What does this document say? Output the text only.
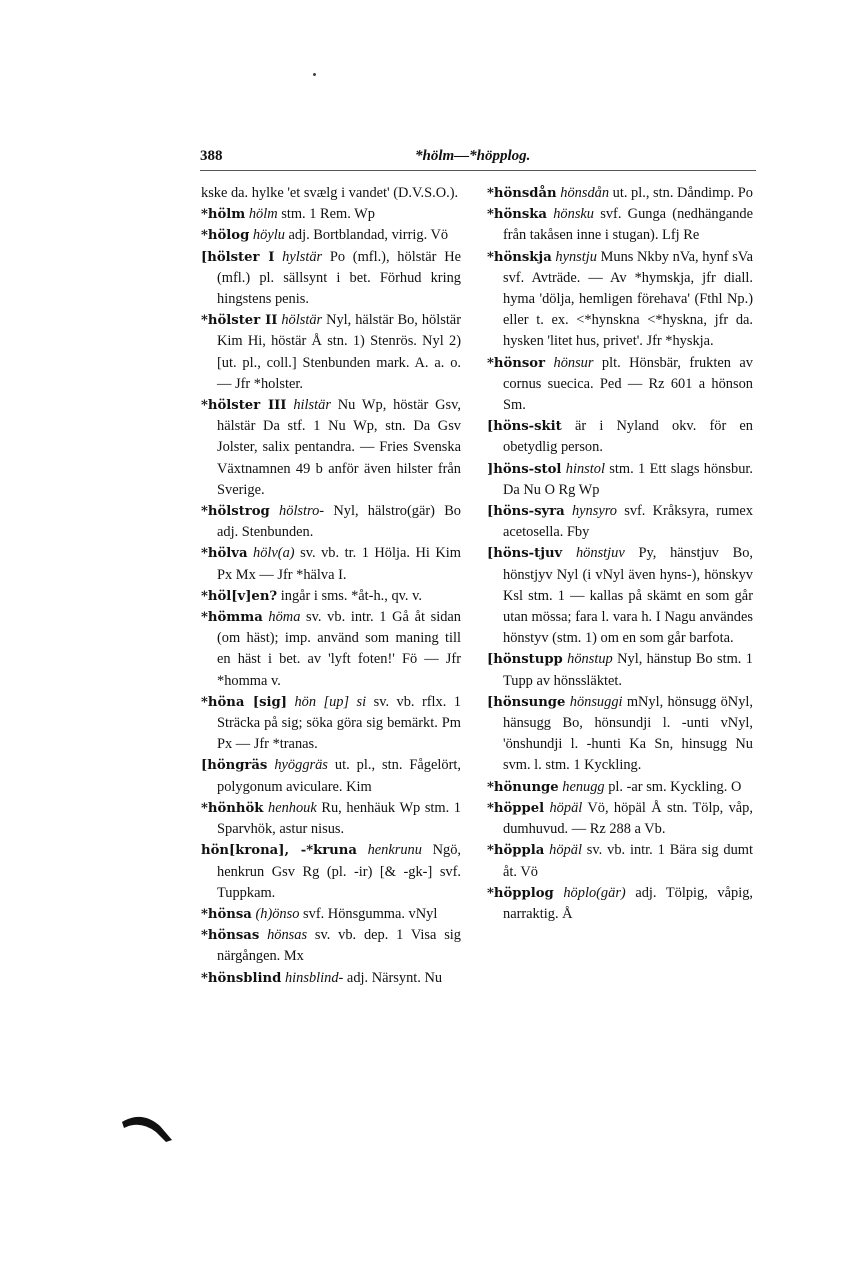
388	*hölm—*höpplog.
kske da. hylke 'et svælg i vandet' (D.V.S.O.).
*hölm hölm stm. 1 Rem. Wp
*hölog höylu adj. Bortblandad, virrig. Vö
[hölster I hylstär Po (mfl.), hölstär He (mfl.) pl. sällsynt i bet. Förhud kring hingstens penis.
*hölster II hölstär Nyl, hälstär Bo, hölstär Kim Hi, höstär Å stn. 1) Stenrös. Nyl 2) [ut. pl., coll.] Stenbunden mark. A. a. o. — Jfr *holster.
*hölster III hilstär Nu Wp, höstär Gsv, hälstär Da stf. 1 Nu Wp, stn. Da Gsv Jolster, salix pentandra. — Fries Svenska Växtnamnen 49 b anför även hilster från Sverige.
*hölstrog hölstro- Nyl, hälstro(gär) Bo adj. Stenbunden.
*hölva hölv(a) sv. vb. tr. 1 Hölja. Hi Kim Px Mx — Jfr *hälva I.
*höl[v]en? ingår i sms. *åt-h., qv. v.
*hömma höma sv. vb. intr. 1 Gå åt sidan (om häst); imp. använd som maning till en häst i bet. av 'lyft foten!' Fö — Jfr *homma v.
*höna [sig] hön [up] si sv. vb. rflx. 1 Sträcka på sig; söka göra sig bemärkt. Pm Px — Jfr *tranas.
[höngräs hyöggräs ut. pl., stn. Fågelört, polygonum aviculare. Kim
*hönhök henhouk Ru, henhäuk Wp stm. 1 Sparvhök, astur nisus.
hön[krona], -*kruna henkrunu Ngö, henkrun Gsv Rg (pl. -ir) [& -gk-] svf. Tuppkam.
*hönsa (h)önso svf. Hönsgumma. vNyl
*hönsas hönsas sv. vb. dep. 1 Visa sig närgången. Mx
*hönsblind hinsblind- adj. Närsynt. Nu
*hönsdån hönsdån ut. pl., stn. Dåndimp. Po
*hönska hönsku svf. Gunga (nedhängande från takåsen inne i stugan). Lfj Re
*hönskja hynstju Muns Nkby nVa, hynf sVa svf. Avträde. — Av *hymskja, jfr diall. hyma 'dölja, hemligen förehava' (Fthl Np.) eller t. ex. <*hynskna <*hyskna, jfr da. hysken 'litet hus, privet'. Jfr *hyskja.
*hönsor hönsur plt. Hönsbär, frukten av cornus suecica. Ped — Rz 601 a hönson Sm.
[höns-skit är i Nyland okv. för en obetydlig person.
]höns-stol hinstol stm. 1 Ett slags hönsbur. Da Nu O Rg Wp
[höns-syra hynsyro svf. Kråksyra, rumex acetosella. Fby
[höns-tjuv hönstjuv Py, hänstjuv Bo, hönstjyv Nyl (i vNyl även hyns-), hönskyv Ksl stm. 1 — kallas på skämt en som går utan mössa; fara l. vara h. I Nagu användes hönstyv (stm. 1) om en som går barfota.
[hönstupp hönstup Nyl, hänstup Bo stm. 1 Tupp av hönssläktet.
[hönsunge hönsuggi mNyl, hönsugg öNyl, hänsugg Bo, hönsundji l. -unti vNyl, 'önshundji l. -hunti Ka Sn, hinsugg Nu svm. l. stm. 1 Kyckling.
*hönunge henugg pl. -ar sm. Kyckling. O
*höppel höpäl Vö, höpäl Å stn. Tölp, våp, dumhuvud. — Rz 288 a Vb.
*höppla höpäl sv. vb. intr. 1 Bära sig dumt åt. Vö
*höpplog höplo(gär) adj. Tölpig, våpig, narraktig. Å
